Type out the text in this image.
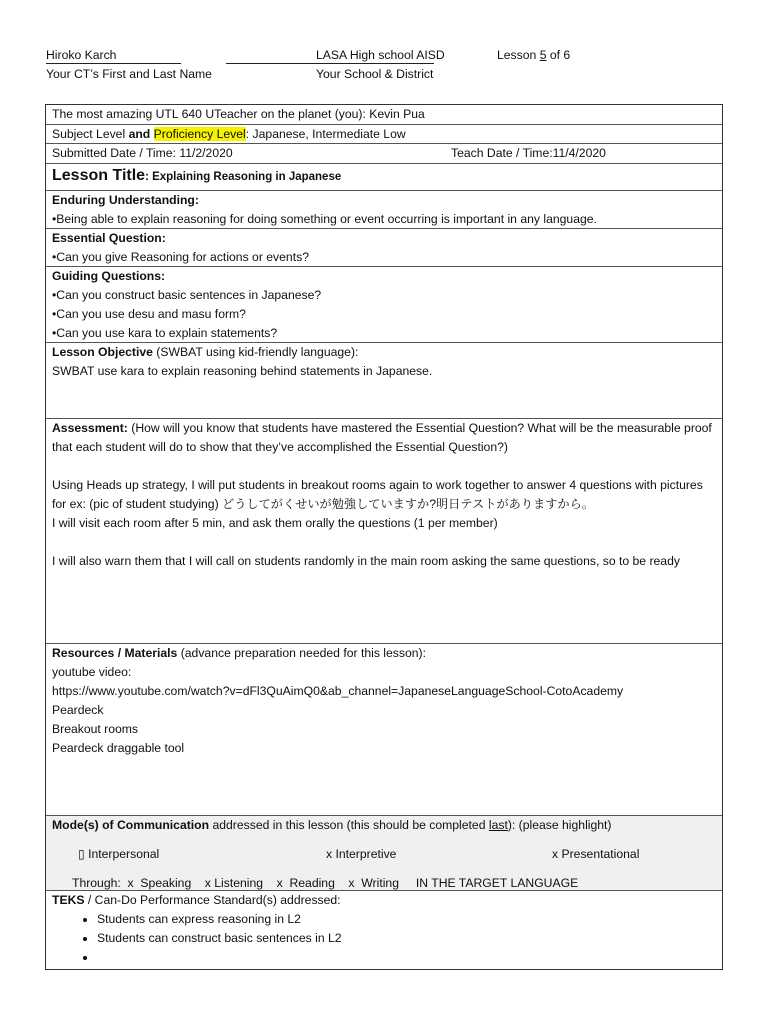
Hiroko Karch
Your CT’s First and Last Name
LASA High school AISD
Your School & District
Lesson 5 of 6
The most amazing UTL 640 UTeacher on the planet (you): Kevin Pua
Subject Level and Proficiency Level: Japanese, Intermediate Low
Submitted Date / Time: 11/2/2020	Teach Date / Time:11/4/2020
Lesson Title: Explaining Reasoning in Japanese
Enduring Understanding:
•Being able to explain reasoning for doing something or event occurring is important in any language.
Essential Question:
•Can you give Reasoning for actions or events?
Guiding Questions:
•Can you construct basic sentences in Japanese?
•Can you use desu and masu form?
•Can you use kara to explain statements?
Lesson Objective (SWBAT using kid-friendly language):
SWBAT use kara to explain reasoning behind statements in Japanese.
Assessment: (How will you know that students have mastered the Essential Question? What will be the measurable proof that each student will do to show that they’ve accomplished the Essential Question?)
Using Heads up strategy, I will put students in breakout rooms again to work together to answer 4 questions with pictures for ex: (pic of student studying) どうしてがくせいが勉強していますか?明日テストがありますから。
I will visit each room after 5 min, and ask them orally the questions (1 per member)
I will also warn them that I will call on students randomly in the main room asking the same questions, so to be ready
Resources / Materials (advance preparation needed for this lesson):
youtube video:
https://www.youtube.com/watch?v=dFl3QuAimQ0&ab_channel=JapaneseLanguageSchool-CotoAcademy
Peardeck
Breakout rooms
Peardeck draggable tool
Mode(s) of Communication addressed in this lesson (this should be completed last): (please highlight)
▯ Interpersonal	x Interpretive	x Presentational
Through:  x  Speaking    x Listening    x  Reading    x  Writing     IN THE TARGET LANGUAGE
TEKS / Can-Do Performance Standard(s) addressed:
• Students can express reasoning in L2
• Students can construct basic sentences in L2
•
